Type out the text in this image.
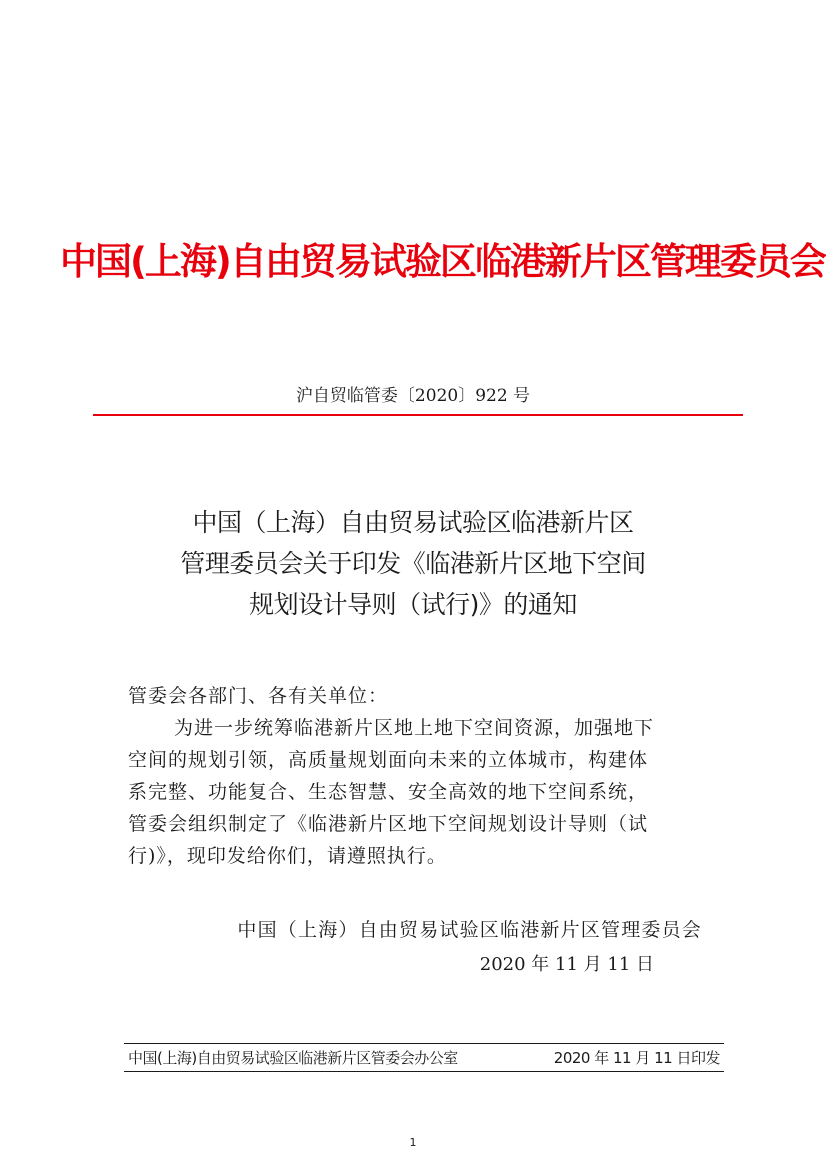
中国(上海)自由贸易试验区临港新片区管理委员会
沪自贸临管委〔2020〕922 号
中国（上海）自由贸易试验区临港新片区
管理委员会关于印发《临港新片区地下空间
规划设计导则（试行)》的通知
管委会各部门、各有关单位：
为进一步统筹临港新片区地上地下空间资源，加强地下
空间的规划引领，高质量规划面向未来的立体城市，构建体
系完整、功能复合、生态智慧、安全高效的地下空间系统，
管委会组织制定了《临港新片区地下空间规划设计导则（试
行)》，现印发给你们，请遵照执行。
中国（上海）自由贸易试验区临港新片区管理委员会
2020 年 11 月 11 日
中国(上海)自由贸易试验区临港新片区管委会办公室	2020 年 11 月 11 日印发
1
